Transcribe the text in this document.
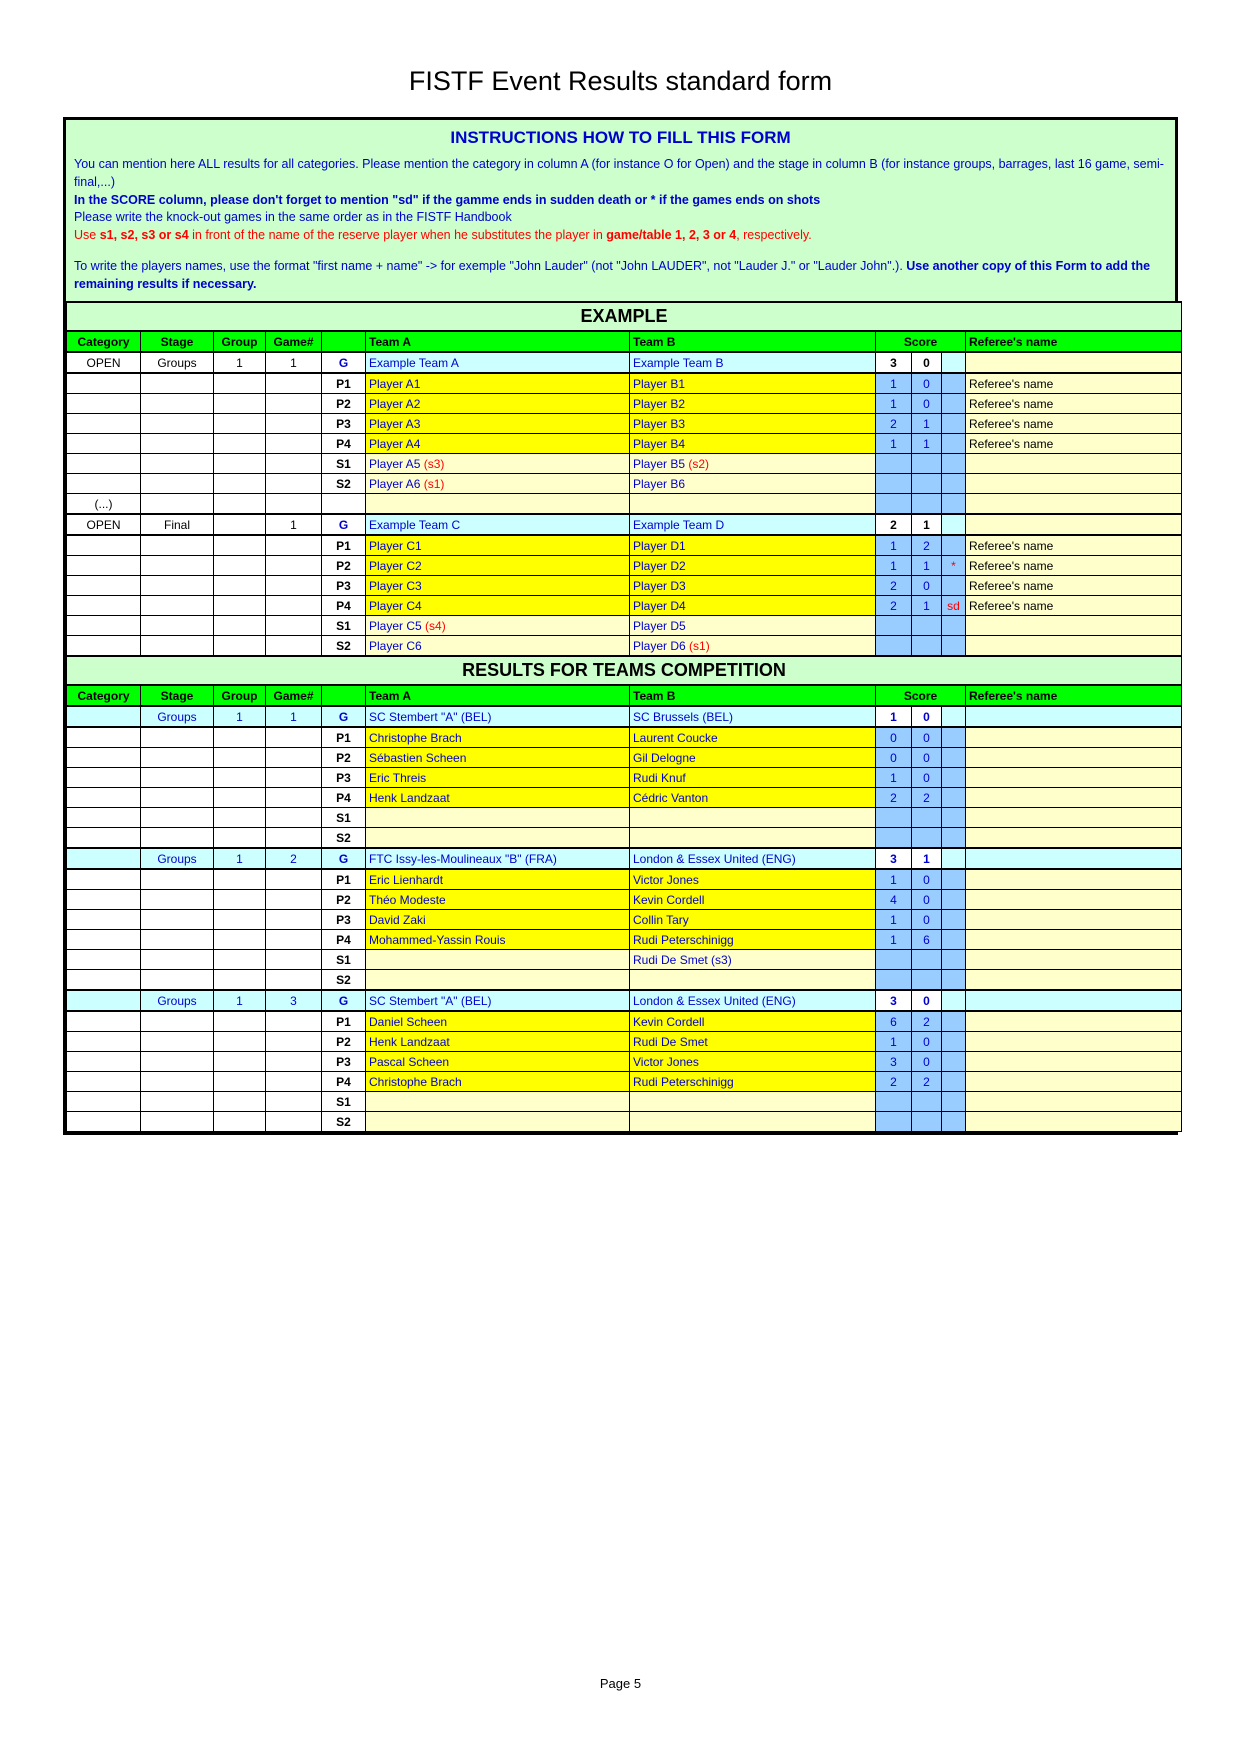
FISTF Event Results standard form
INSTRUCTIONS HOW TO FILL THIS FORM
You can mention here ALL results for all categories. Please mention the category in column A (for instance O for Open) and the stage in column B (for instance groups, barrages, last 16 game, semi-final,...)
In the SCORE column, please don't forget to mention "sd" if the gamme ends in sudden death or * if the games ends on shots
Please write the knock-out games in the same order as in the FISTF Handbook
Use s1, s2, s3 or s4 in front of the name of the reserve player when he substitutes the player in game/table 1, 2, 3 or 4, respectively.
To write the players names, use the format "first name + name" -> for exemple "John Lauder" (not "John LAUDER", not "Lauder J." or "Lauder John".). Use another copy of this Form to add the remaining results if necessary.
EXAMPLE										
Category	Stage	Group	Game#		Team A	Team B	Score			Referee's name
OPEN	Groups	1	1	G	Example Team A	Example Team B	3	0		
				P1	Player A1	Player B1	1	0		Referee's name
				P2	Player A2	Player B2	1	0		Referee's name
				P3	Player A3	Player B3	2	1		Referee's name
				P4	Player A4	Player B4	1	1		Referee's name
				S1	Player A5 (s3)	Player B5 (s2)				
				S2	Player A6 (s1)	Player B6				
(...)										
OPEN	Final		1	G	Example Team C	Example Team D	2	1		
				P1	Player C1	Player D1	1	2		Referee's name
				P2	Player C2	Player D2	1	1	*	Referee's name
				P3	Player C3	Player D3	2	0		Referee's name
				P4	Player C4	Player D4	2	1	sd	Referee's name
				S1	Player C5 (s4)	Player D5				
				S2	Player C6	Player D6 (s1)				
RESULTS FOR TEAMS COMPETITION										
Category	Stage	Group	Game#		Team A	Team B	Score			Referee's name
	Groups	1	1	G	SC Stembert "A" (BEL)	SC Brussels (BEL)	1	0		
				P1	Christophe Brach	Laurent Coucke	0	0		
				P2	Sébastien Scheen	Gil Delogne	0	0		
				P3	Eric Threis	Rudi Knuf	1	0		
				P4	Henk Landzaat	Cédric Vanton	2	2		
				S1						
				S2						
	Groups	1	2	G	FTC Issy-les-Moulineaux "B" (FRA)	London & Essex United (ENG)	3	1		
				P1	Eric Lienhardt	Victor Jones	1	0		
				P2	Théo Modeste	Kevin Cordell	4	0		
				P3	David Zaki	Collin Tary	1	0		
				P4	Mohammed-Yassin Rouis	Rudi Peterschinigg	1	6		
				S1		Rudi De Smet (s3)				
				S2						
	Groups	1	3	G	SC Stembert "A" (BEL)	London & Essex United (ENG)	3	0		
				P1	Daniel Scheen	Kevin Cordell	6	2		
				P2	Henk Landzaat	Rudi De Smet	1	0		
				P3	Pascal Scheen	Victor Jones	3	0		
				P4	Christophe Brach	Rudi Peterschinigg	2	2		
				S1						
				S2						
Page 5
